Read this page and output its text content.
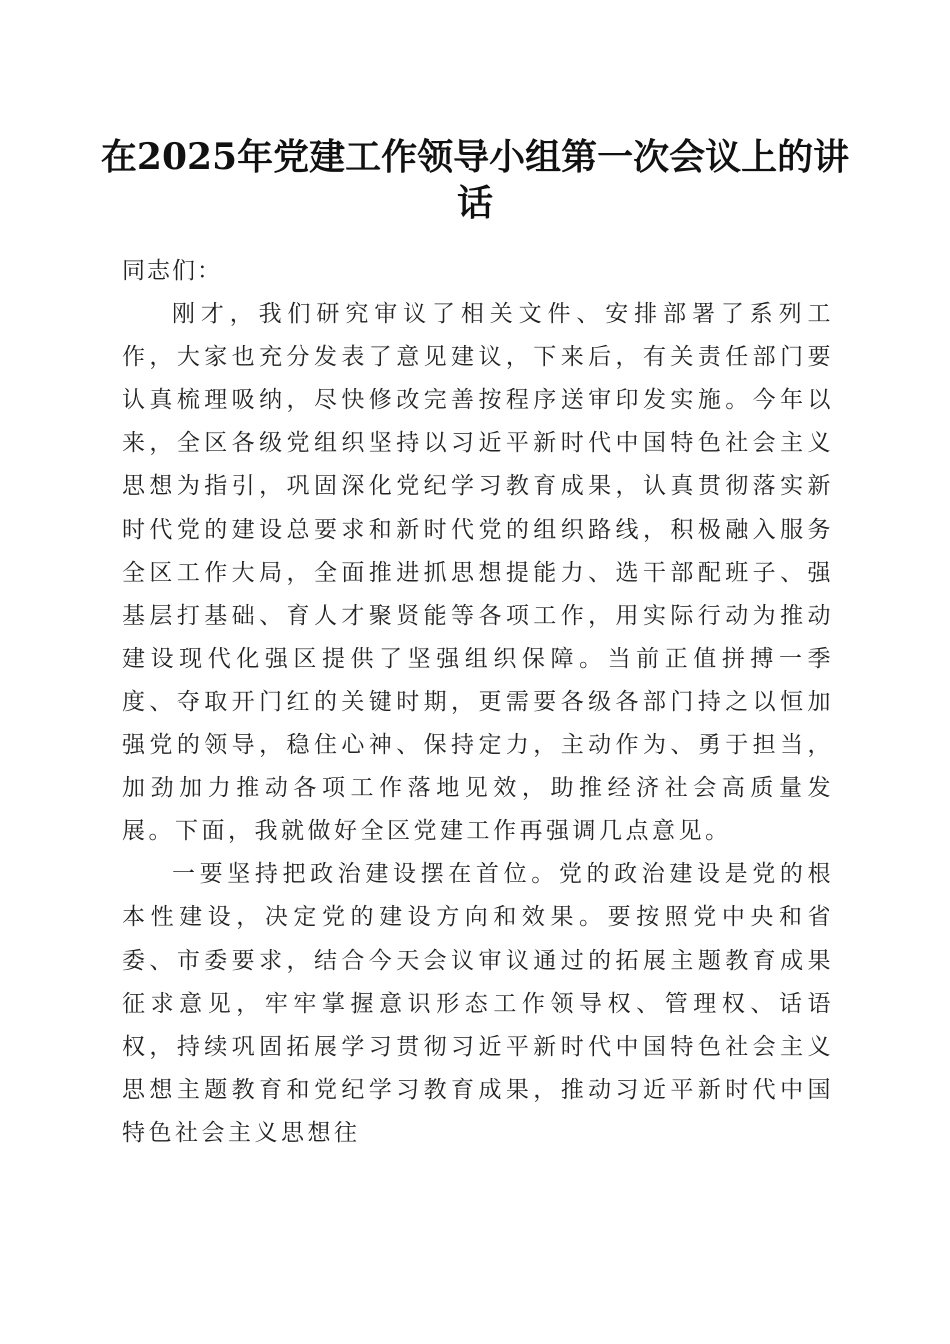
在2025年党建工作领导小组第一次会议上的讲话

同志们：

刚才，我们研究审议了相关文件、安排部署了系列工作，大家也充分发表了意见建议，下来后，有关责任部门要认真梳理吸纳，尽快修改完善按程序送审印发实施。今年以来，全区各级党组织坚持以习近平新时代中国特色社会主义思想为指引，巩固深化党纪学习教育成果，认真贯彻落实新时代党的建设总要求和新时代党的组织路线，积极融入服务全区工作大局，全面推进抓思想提能力、选干部配班子、强基层打基础、育人才聚贤能等各项工作，用实际行动为推动建设现代化强区提供了坚强组织保障。当前正值拼搏一季度、夺取开门红的关键时期，更需要各级各部门持之以恒加强党的领导，稳住心神、保持定力，主动作为、勇于担当，加劲加力推动各项工作落地见效，助推经济社会高质量发展。下面，我就做好全区党建工作再强调几点意见。

一要坚持把政治建设摆在首位。党的政治建设是党的根本性建设，决定党的建设方向和效果。要按照党中央和省委、市委要求，结合今天会议审议通过的拓展主题教育成果征求意见，牢牢掌握意识形态工作领导权、管理权、话语权，持续巩固拓展学习贯彻习近平新时代中国特色社会主义思想主题教育和党纪学习教育成果，推动习近平新时代中国特色社会主义思想往
